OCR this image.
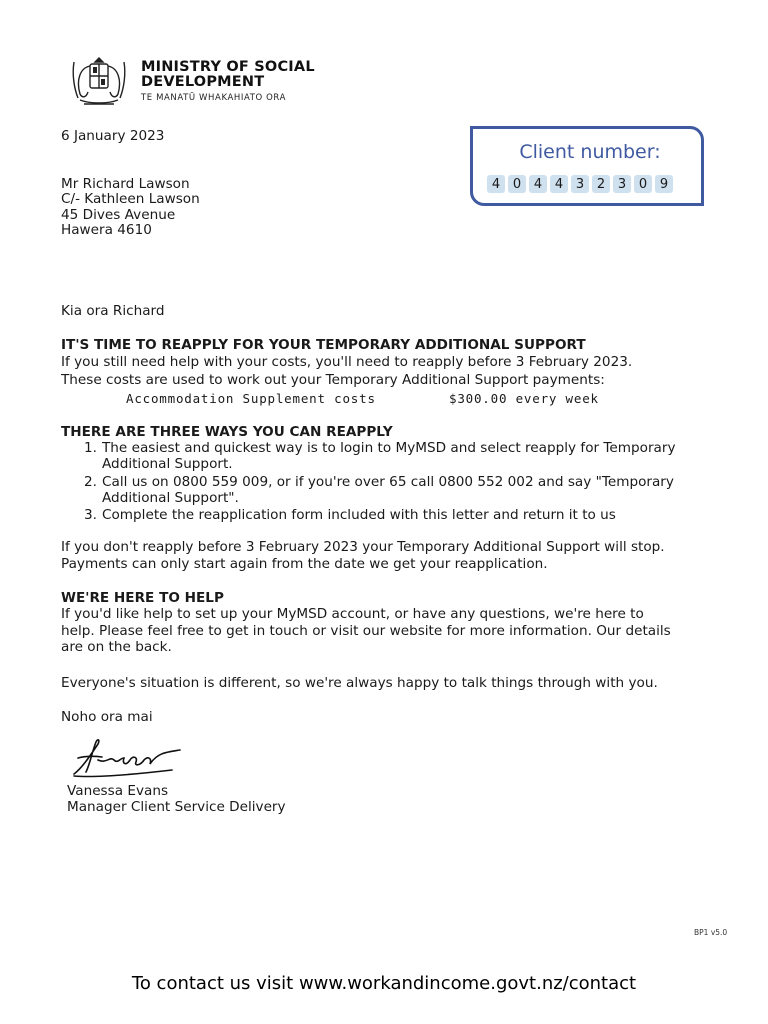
MINISTRY OF SOCIAL
DEVELOPMENT
TE MANATŪ WHAKAHIATO ORA
6 January 2023
Client number:
4 0 4 4 3 2 3 0 9
Mr Richard Lawson
C/- Kathleen Lawson
45 Dives Avenue
Hawera 4610
Kia ora Richard
IT'S TIME TO REAPPLY FOR YOUR TEMPORARY ADDITIONAL SUPPORT
If you still need help with your costs, you'll need to reapply before 3 February 2023.
These costs are used to work out your Temporary Additional Support payments:
Accommodation Supplement costs	$300.00 every week
THERE ARE THREE WAYS YOU CAN REAPPLY
1. The easiest and quickest way is to login to MyMSD and select reapply for Temporary Additional Support.
2. Call us on 0800 559 009, or if you're over 65 call 0800 552 002 and say "Temporary Additional Support".
3. Complete the reapplication form included with this letter and return it to us
If you don't reapply before 3 February 2023 your Temporary Additional Support will stop.
Payments can only start again from the date we get your reapplication.
WE'RE HERE TO HELP
If you'd like help to set up your MyMSD account, or have any questions, we're here to
help. Please feel free to get in touch or visit our website for more information. Our details
are on the back.
Everyone's situation is different, so we're always happy to talk things through with you.
Noho ora mai
Vanessa Evans
Manager Client Service Delivery
BP1 v5.0
To contact us visit www.workandincome.govt.nz/contact
